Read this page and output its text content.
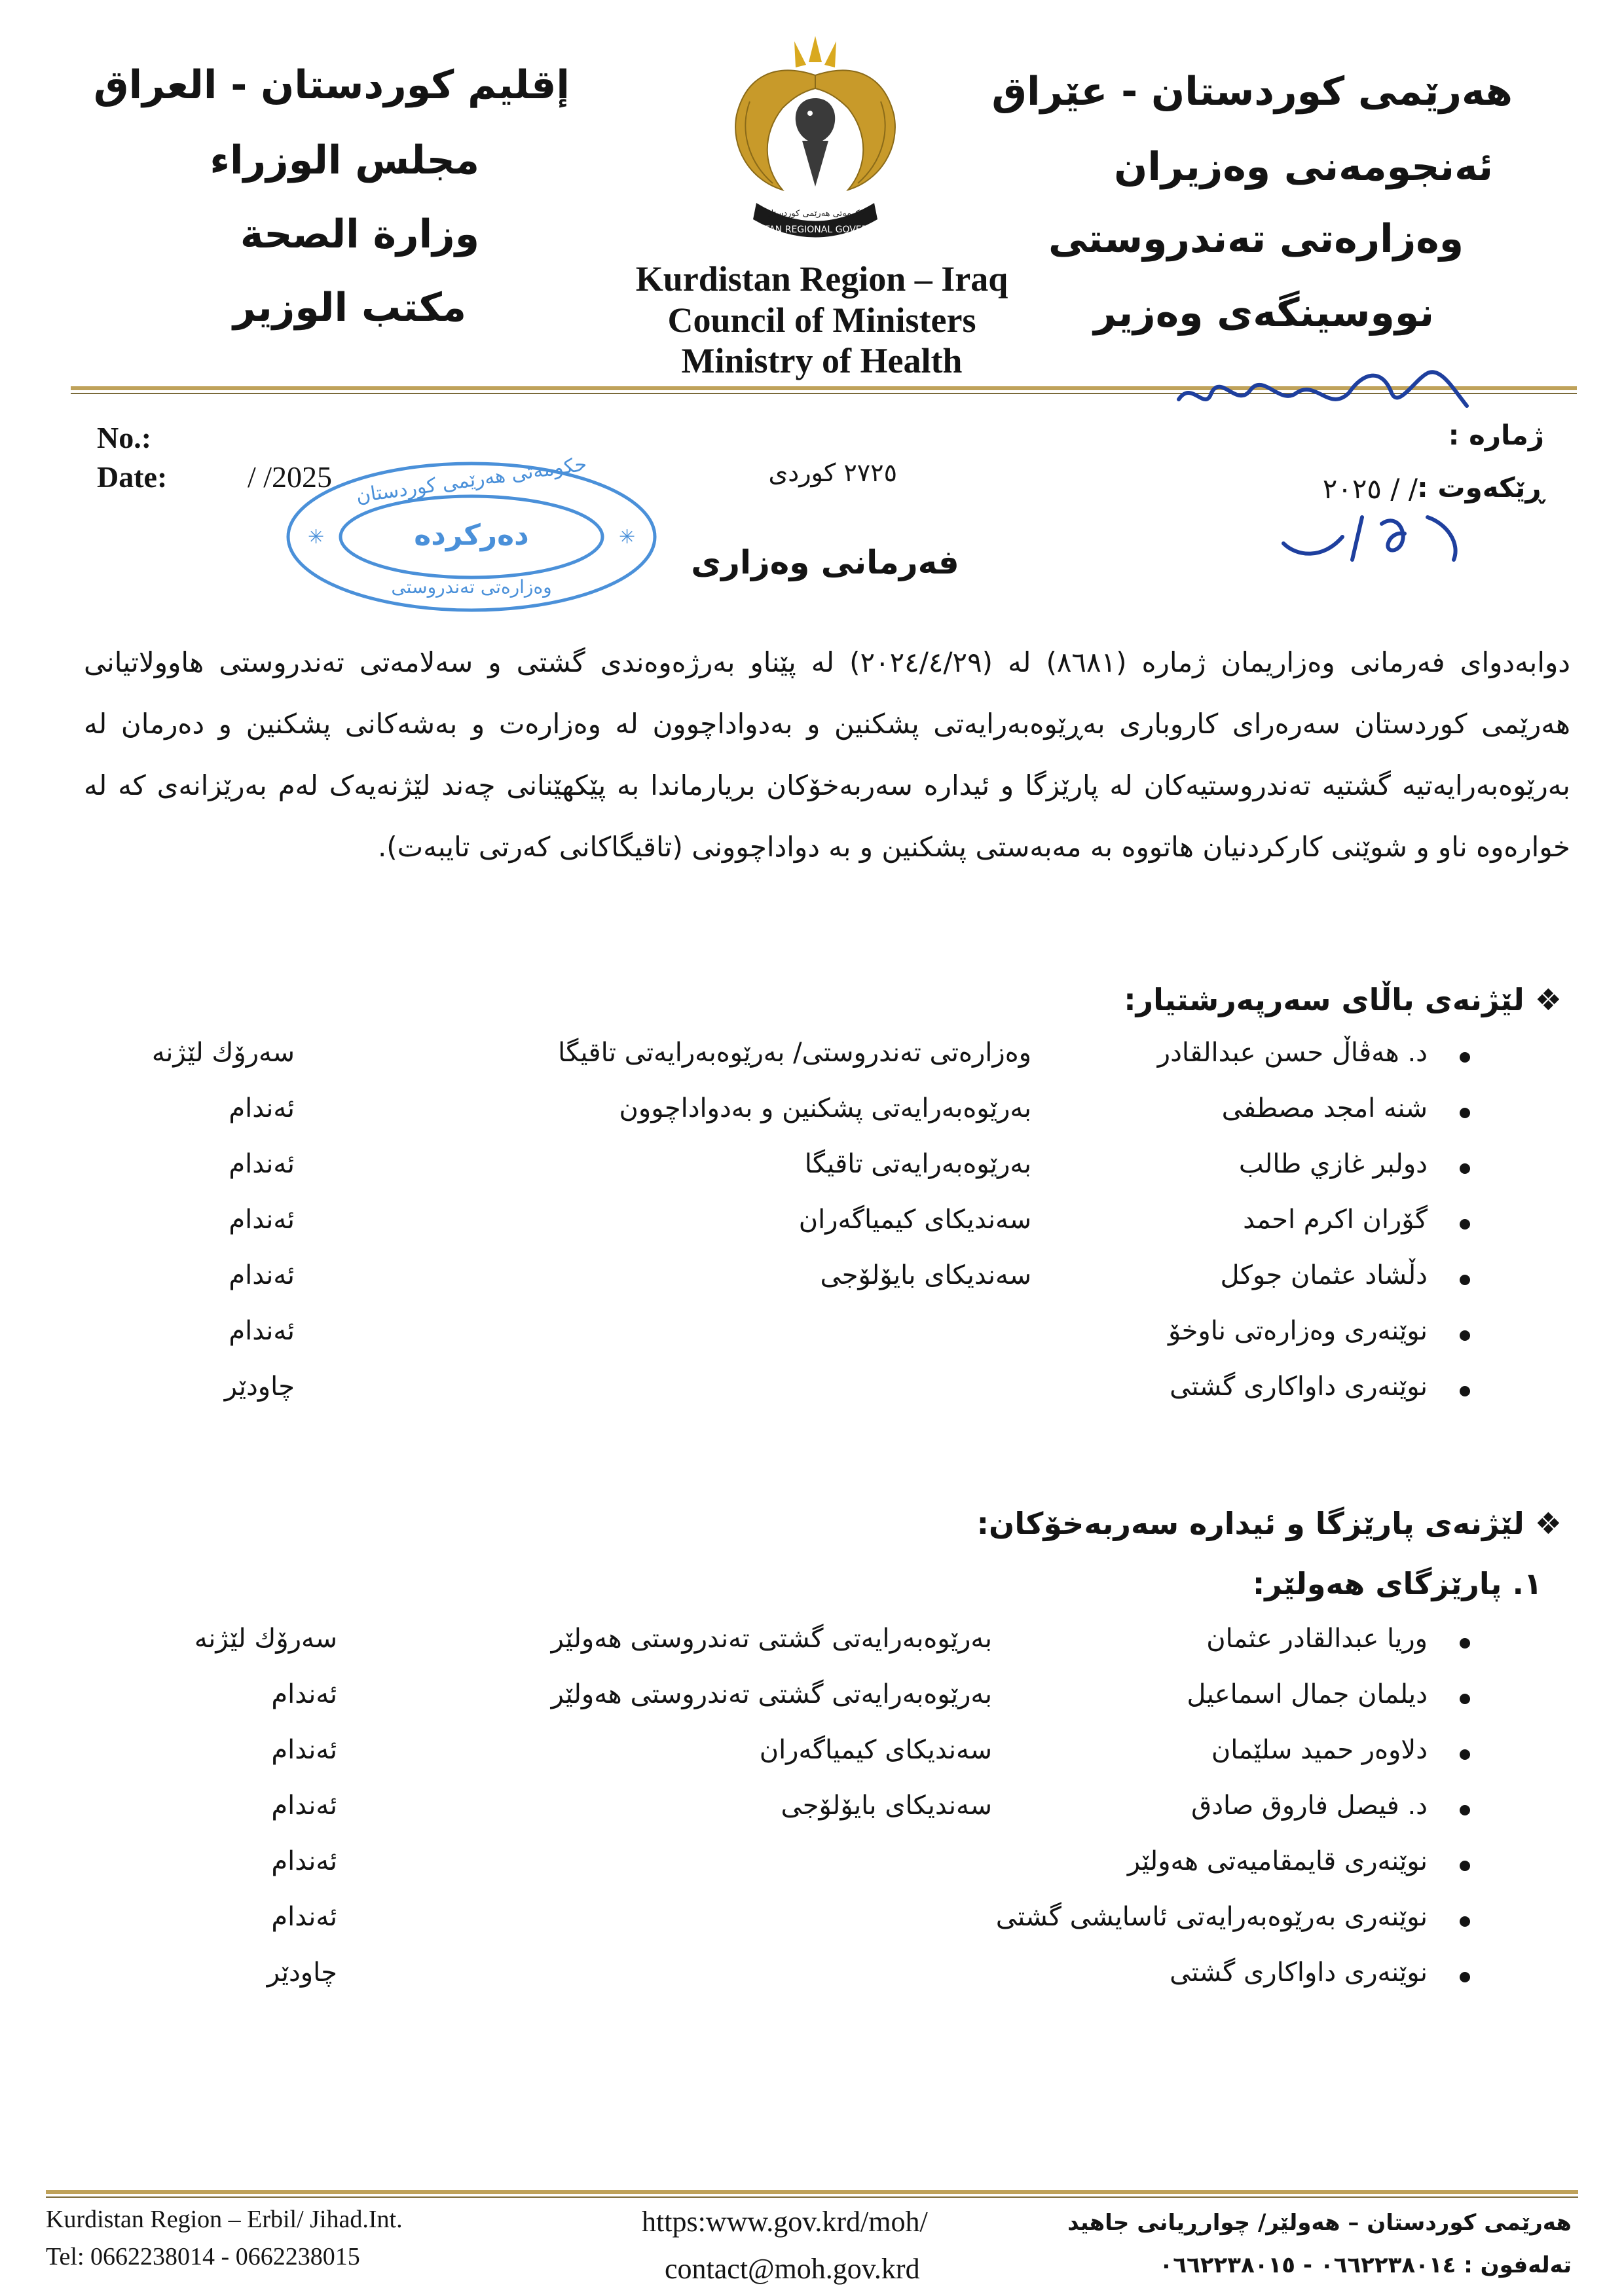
إقليم كوردستان - العراق
مجلس الوزراء
وزارة الصحة
مكتب الوزير
هەرێمی کوردستان - عێراق
ئەنجومەنی وەزیران
وەزارەتی تەندروستی
نووسینگەی وەزیر
KURDISTAN REGIONAL GOVERNMENT
حکومەتی هەرێمی کوردستان
Kurdistan Region – Iraq
Council of Ministers
Ministry of Health
No.:
Date:	/ /2025
ژمارە :
ڕێکەوت :
/ / ٢٠٢٥
٢٧٢٥ کوردی
✳	✳
حکومەتی هەرێمی کوردستان
دەرکردە
وەزارەتی تەندروستی
فەرمانی وەزاری
دوابەدوای فەرمانی وەزاریمان ژمارە (٨٦٨١) لە (٢٠٢٤/٤/٢٩) لە پێناو بەرژەوەندی گشتی و سەلامەتی تەندروستی هاوولاتیانی هەرێمی کوردستان سەرەرای کاروباری بەڕێوەبەرایەتی پشکنین و بەدواداچوون لە وەزارەت و بەشەکانی پشکنین و دەرمان لە بەرێوەبەرایەتیە گشتیە تەندروستیەکان لە پارێزگا و ئیدارە سەربەخۆکان بریارماندا بە پێکهێنانی چەند لێژنەیەک لەم بەرێزانەی کە لە خوارەوە ناو و شوێنی کارکردنیان هاتووە بە مەبەستی پشکنین و بە دواداچوونی (تاقیگاکانی کەرتی تایبەت).
❖ لێژنەی باڵای سەرپەرشتیار:
د. هەڤاڵ حسن عبدالقادر
وەزارەتی تەندروستی/ بەرێوەبەرایەتی تاقیگا
سەرۆك لێژنە
شنە امجد مصطفى
بەرێوەبەرایەتی پشکنین و بەدواداچوون
ئەندام
دولبر غازي طالب
بەرێوەبەرایەتی تاقیگا
ئەندام
گۆران اكرم احمد
سەندیکای کیمیاگەران
ئەندام
دڵشاد عثمان جوكل
سەندیکای بایۆلۆجی
ئەندام
نوێنەری وەزارەتی ناوخۆ
ئەندام
نوێنەری داواکاری گشتی
چاودێر
❖ لێژنەی پارێزگا و ئیدارە سەربەخۆکان:
١. پارێزگای هەولێر:
وريا عبدالقادر عثمان
بەرێوەبەرایەتی گشتی تەندروستی هەولێر
سەرۆك لێژنە
ديلمان جمال اسماعيل
بەرێوەبەرایەتی گشتی تەندروستی هەولێر
ئەندام
دلاوەر حمید سلێمان
سەندیکای کیمیاگەران
ئەندام
د. فيصل فاروق صادق
سەندیکای بایۆلۆجی
ئەندام
نوێنەری قایمقامیەتی هەولێر
ئەندام
نوێنەری بەرێوەبەرایەتی ئاسایشی گشتی
ئەندام
نوێنەری داواکاری گشتی
چاودێر
Kurdistan Region – Erbil/ Jihad.Int.
Tel: 0662238014 - 0662238015
https:www.gov.krd/moh/
contact@moh.gov.krd
هەرێمی کوردستان – هەولێر/ چوارڕیانی جاهید
تەلەفون : ٠٦٦٢٢٣٨٠١٤ - ٠٦٦٢٢٣٨٠١٥
